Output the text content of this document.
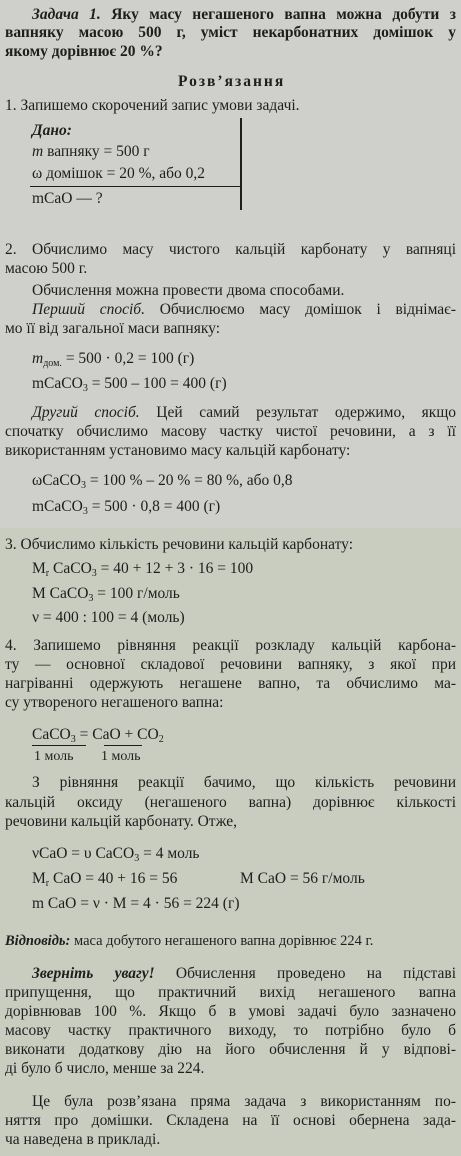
Задача 1. Яку масу негашеного вапна можна добути з
вапняку масою 500 г, уміст некарбонатних домішок у
якому дорівнює 20 %?
Розв’язання
1. Запишемо скорочений запис умови задачі.
Дано:
m вапняку = 500 г
ω домішок = 20 %, або 0,2
mCaO — ?
2. Обчислимо масу чистого кальцій карбонату у вапняці
масою 500 г.
Обчислення можна провести двома способами.
Перший спосіб. Обчислюємо масу домішок і віднімає-
мо її від загальної маси вапняку:
$m_{дом.} = 500 \cdot 0,2 = 100$ (г)
mCaCO$_3$ = 500 – 100 = 400 (г)
Другий спосіб. Цей самий результат одержимо, якщо
спочатку обчислимо масову частку чистої речовини, а з її
використанням установимо масу кальцій карбонату:
ωCaCO$_3$ = 100 % – 20 % = 80 %, або 0,8
mCaCO$_3$ = 500 · 0,8 = 400 (г)
3. Обчислимо кількість речовини кальцій карбонату:
$M_r$ CaCO$_3$ = 40 + 12 + 3 · 16 = 100
M CaCO$_3$ = 100 г/моль
ν = 400 : 100 = 4 (моль)
4. Запишемо рівняння реакції розкладу кальцій карбона-
ту — основної складової речовини вапняку, з якої при
нагріванні одержують негашене вапно, та обчислимо ма-
су утвореного негашеного вапна:
CaCO$_3$ = CaO + $CO_2$
1 моль 1 моль
З рівняння реакції бачимо, що кількість речовини
кальцій оксиду (негашеного вапна) дорівнює кількості
речовини кальцій карбонату. Отже,
νCaO = υ CaCO$_3$ = 4 моль
$M_r$ CaO = 40 + 16 = 56	M CaO = 56 г/моль
m CaO = ν · M = 4 · 56 = 224 (г)
Відповідь: маса добутого негашеного вапна дорівнює 224 г.
Зверніть увагу! Обчислення проведено на підставі
припущення, що практичний вихід негашеного вапна
дорівнював 100 %. Якщо б в умові задачі було зазначено
масову частку практичного виходу, то потрібно було б
виконати додаткову дію на його обчислення й у відпові-
ді було б число, менше за 224.
Це була розв’язана пряма задача з використанням по-
няття про домішки. Складена на її основі обернена зада-
ча наведена в прикладі.
